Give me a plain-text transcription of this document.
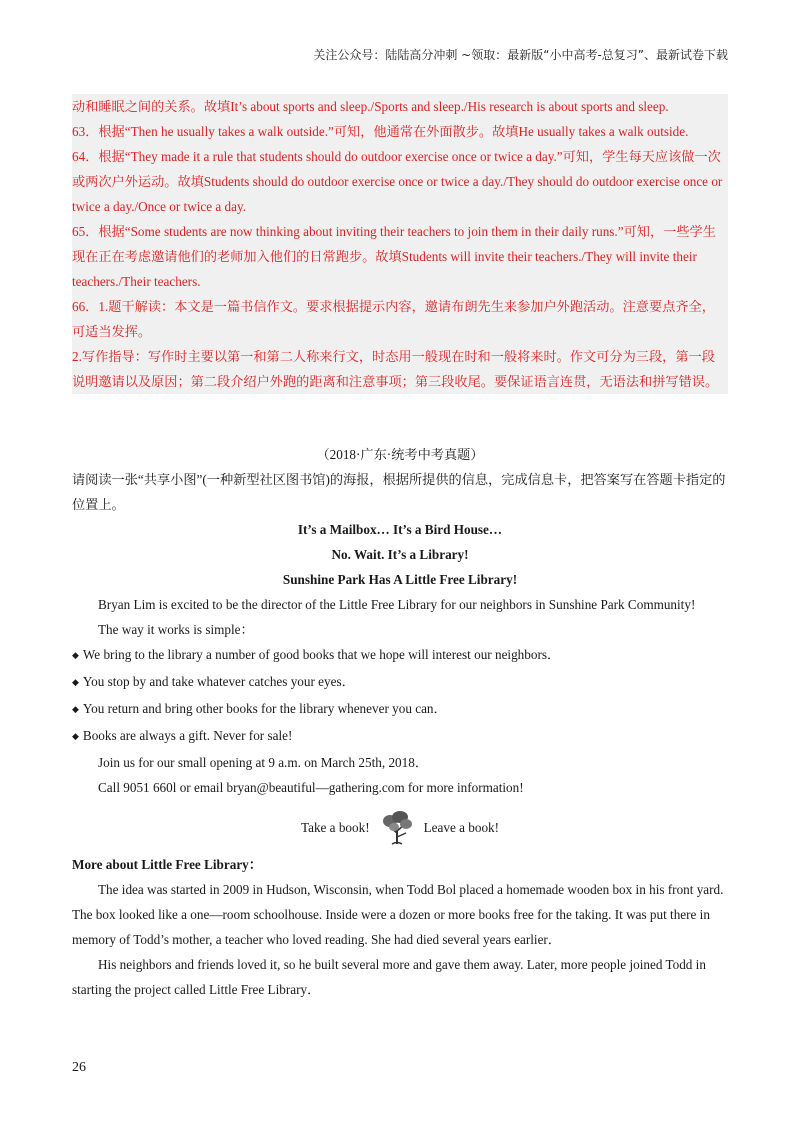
关注公众号：陆陆高分冲刺 ~领取：最新版“小中高考-总复习”、最新试卷下载

动和睡眠之间的关系。故填It’s about sports and sleep./Sports and sleep./His research is about sports and sleep.

63．根据“Then he usually takes a walk outside.”可知，他通常在外面散步。故填He usually takes a walk outside.

64．根据“They made it a rule that students should do outdoor exercise once or twice a day.”可知，学生每天应该做一次或两次户外运动。故填Students should do outdoor exercise once or twice a day./They should do outdoor exercise once or twice a day./Once or twice a day.

65．根据“Some students are now thinking about inviting their teachers to join them in their daily runs.”可知，一些学生现在正在考虑邀请他们的老师加入他们的日常跑步。故填Students will invite their teachers./They will invite their teachers./Their teachers.

66．1.题干解读：本文是一篇书信作文。要求根据提示内容，邀请布朗先生来参加户外跑活动。注意要点齐全，可适当发挥。

2.写作指导：写作时主要以第一和第二人称来行文，时态用一般现在时和一般将来时。作文可分为三段，第一段说明邀请以及原因；第二段介绍户外跑的距离和注意事项；第三段收尾。要保证语言连贯，无语法和拼写错误。

（2018·广东·统考中考真题）

请阅读一张“共享小图”(一种新型社区图书馆)的海报，根据所提供的信息，完成信息卡，把答案写在答题卡指定的位置上。

It’s a Mailbox… It’s a Bird House…

No. Wait. It’s a Library!

Sunshine Park Has A Little Free Library!

Bryan Lim is excited to be the director of the Little Free Library for our neighbors in Sunshine Park Community!

The way it works is simple：

◆ We bring to the library a number of good books that we hope will interest our neighbors．

◆ You stop by and take whatever catches your eyes．

◆ You return and bring other books for the library whenever you can．

◆ Books are always a gift. Never for sale!

Join us for our small opening at 9 a.m. on March 25th, 2018．

Call 9051 660l or email bryan@beautiful—gathering.com for more information!

Take a book!	Leave a book!

More about Little Free Library：

The idea was started in 2009 in Hudson, Wisconsin, when Todd Bol placed a homemade wooden box in his front yard. The box looked like a one—room schoolhouse. Inside were a dozen or more books free for the taking. It was put there in memory of Todd’s mother, a teacher who loved reading. She had died several years earlier．

His neighbors and friends loved it, so he built several more and gave them away. Later, more people joined Todd in starting the project called Little Free Library．

26
